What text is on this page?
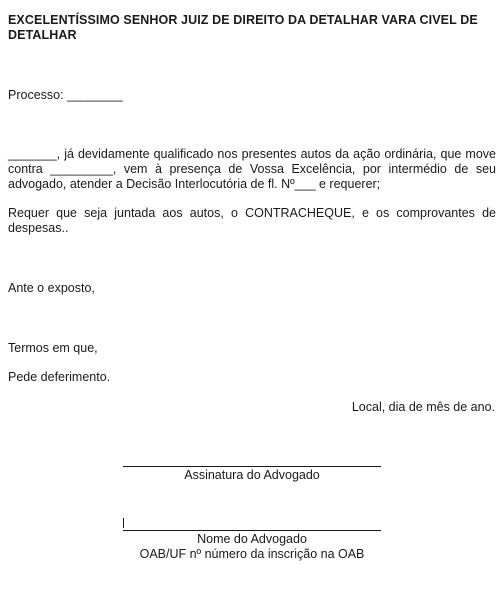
EXCELENTÍSSIMO SENHOR JUIZ DE DIREITO DA DETALHAR VARA CIVEL DE DETALHAR
Processo: ________
_______, já devidamente qualificado nos presentes autos da ação ordinária, que move contra _________, vem à presença de Vossa Excelência, por intermédio de seu advogado, atender a Decisão Interlocutória de fl. Nº___ e requerer;
Requer que seja juntada aos autos, o CONTRACHEQUE, e os comprovantes de despesas..
Ante o exposto,
Termos em que,
Pede deferimento.
Local, dia de mês de ano.
Assinatura do Advogado
Nome do Advogado
OAB/UF nº número da inscrição na OAB
